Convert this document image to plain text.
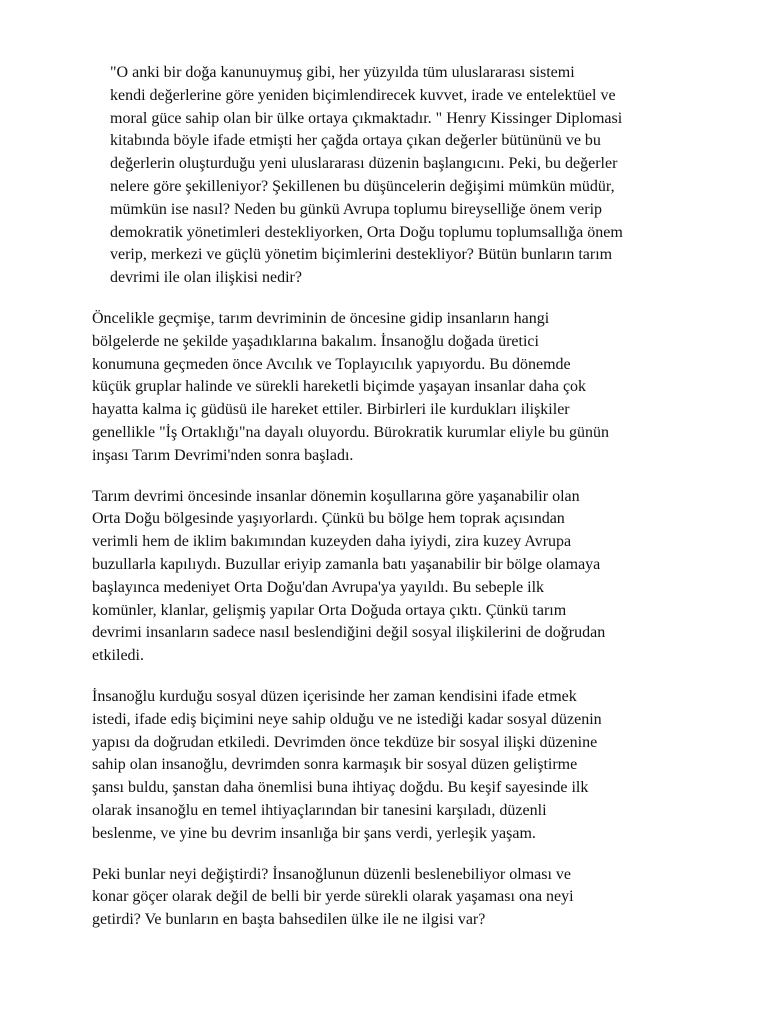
"O anki bir doğa kanunuymuş gibi, her yüzyılda tüm uluslararası sistemi
kendi değerlerine göre yeniden biçimlendirecek kuvvet, irade ve entelektüel ve
moral güce sahip olan bir ülke ortaya çıkmaktadır. " Henry Kissinger Diplomasi
kitabında böyle ifade etmişti her çağda ortaya çıkan değerler bütününü ve bu
değerlerin oluşturduğu yeni uluslararası düzenin başlangıcını. Peki, bu değerler
nelere göre şekilleniyor? Şekillenen bu düşüncelerin değişimi mümkün müdür,
mümkün ise nasıl? Neden bu günkü Avrupa toplumu bireyselliğe önem verip
demokratik yönetimleri destekliyorken, Orta Doğu toplumu toplumsallığa önem
verip, merkezi ve güçlü yönetim biçimlerini destekliyor? Bütün bunların tarım
devrimi ile olan ilişkisi nedir?

Öncelikle geçmişe, tarım devriminin de öncesine gidip insanların hangi
bölgelerde ne şekilde yaşadıklarına bakalım. İnsanoğlu doğada üretici
konumuna geçmeden önce Avcılık ve Toplayıcılık yapıyordu. Bu dönemde
küçük gruplar halinde ve sürekli hareketli biçimde yaşayan insanlar daha çok
hayatta kalma iç güdüsü ile hareket ettiler. Birbirleri ile kurdukları ilişkiler
genellikle "İş Ortaklığı"na dayalı oluyordu. Bürokratik kurumlar eliyle bu günün
inşası Tarım Devrimi'nden sonra başladı.

Tarım devrimi öncesinde insanlar dönemin koşullarına göre yaşanabilir olan
Orta Doğu bölgesinde yaşıyorlardı. Çünkü bu bölge hem toprak açısından
verimli hem de iklim bakımından kuzeyden daha iyiydi, zira kuzey Avrupa
buzullarla kapılıydı. Buzullar eriyip zamanla batı yaşanabilir bir bölge olamaya
başlayınca medeniyet Orta Doğu'dan Avrupa'ya yayıldı. Bu sebeple ilk
komünler, klanlar, gelişmiş yapılar Orta Doğuda ortaya çıktı. Çünkü tarım
devrimi insanların sadece nasıl beslendiğini değil sosyal ilişkilerini de doğrudan
etkiledi.

İnsanoğlu kurduğu sosyal düzen içerisinde her zaman kendisini ifade etmek
istedi, ifade ediş biçimini neye sahip olduğu ve ne istediği kadar sosyal düzenin
yapısı da doğrudan etkiledi. Devrimden önce tekdüze bir sosyal ilişki düzenine
sahip olan insanoğlu, devrimden sonra karmaşık bir sosyal düzen geliştirme
şansı buldu, şanstan daha önemlisi buna ihtiyaç doğdu. Bu keşif sayesinde ilk
olarak insanoğlu en temel ihtiyaçlarından bir tanesini karşıladı, düzenli
beslenme, ve yine bu devrim insanlığa bir şans verdi, yerleşik yaşam.

Peki bunlar neyi değiştirdi? İnsanoğlunun düzenli beslenebiliyor olması ve
konar göçer olarak değil de belli bir yerde sürekli olarak yaşaması ona neyi
getirdi? Ve bunların en başta bahsedilen ülke ile ne ilgisi var?
